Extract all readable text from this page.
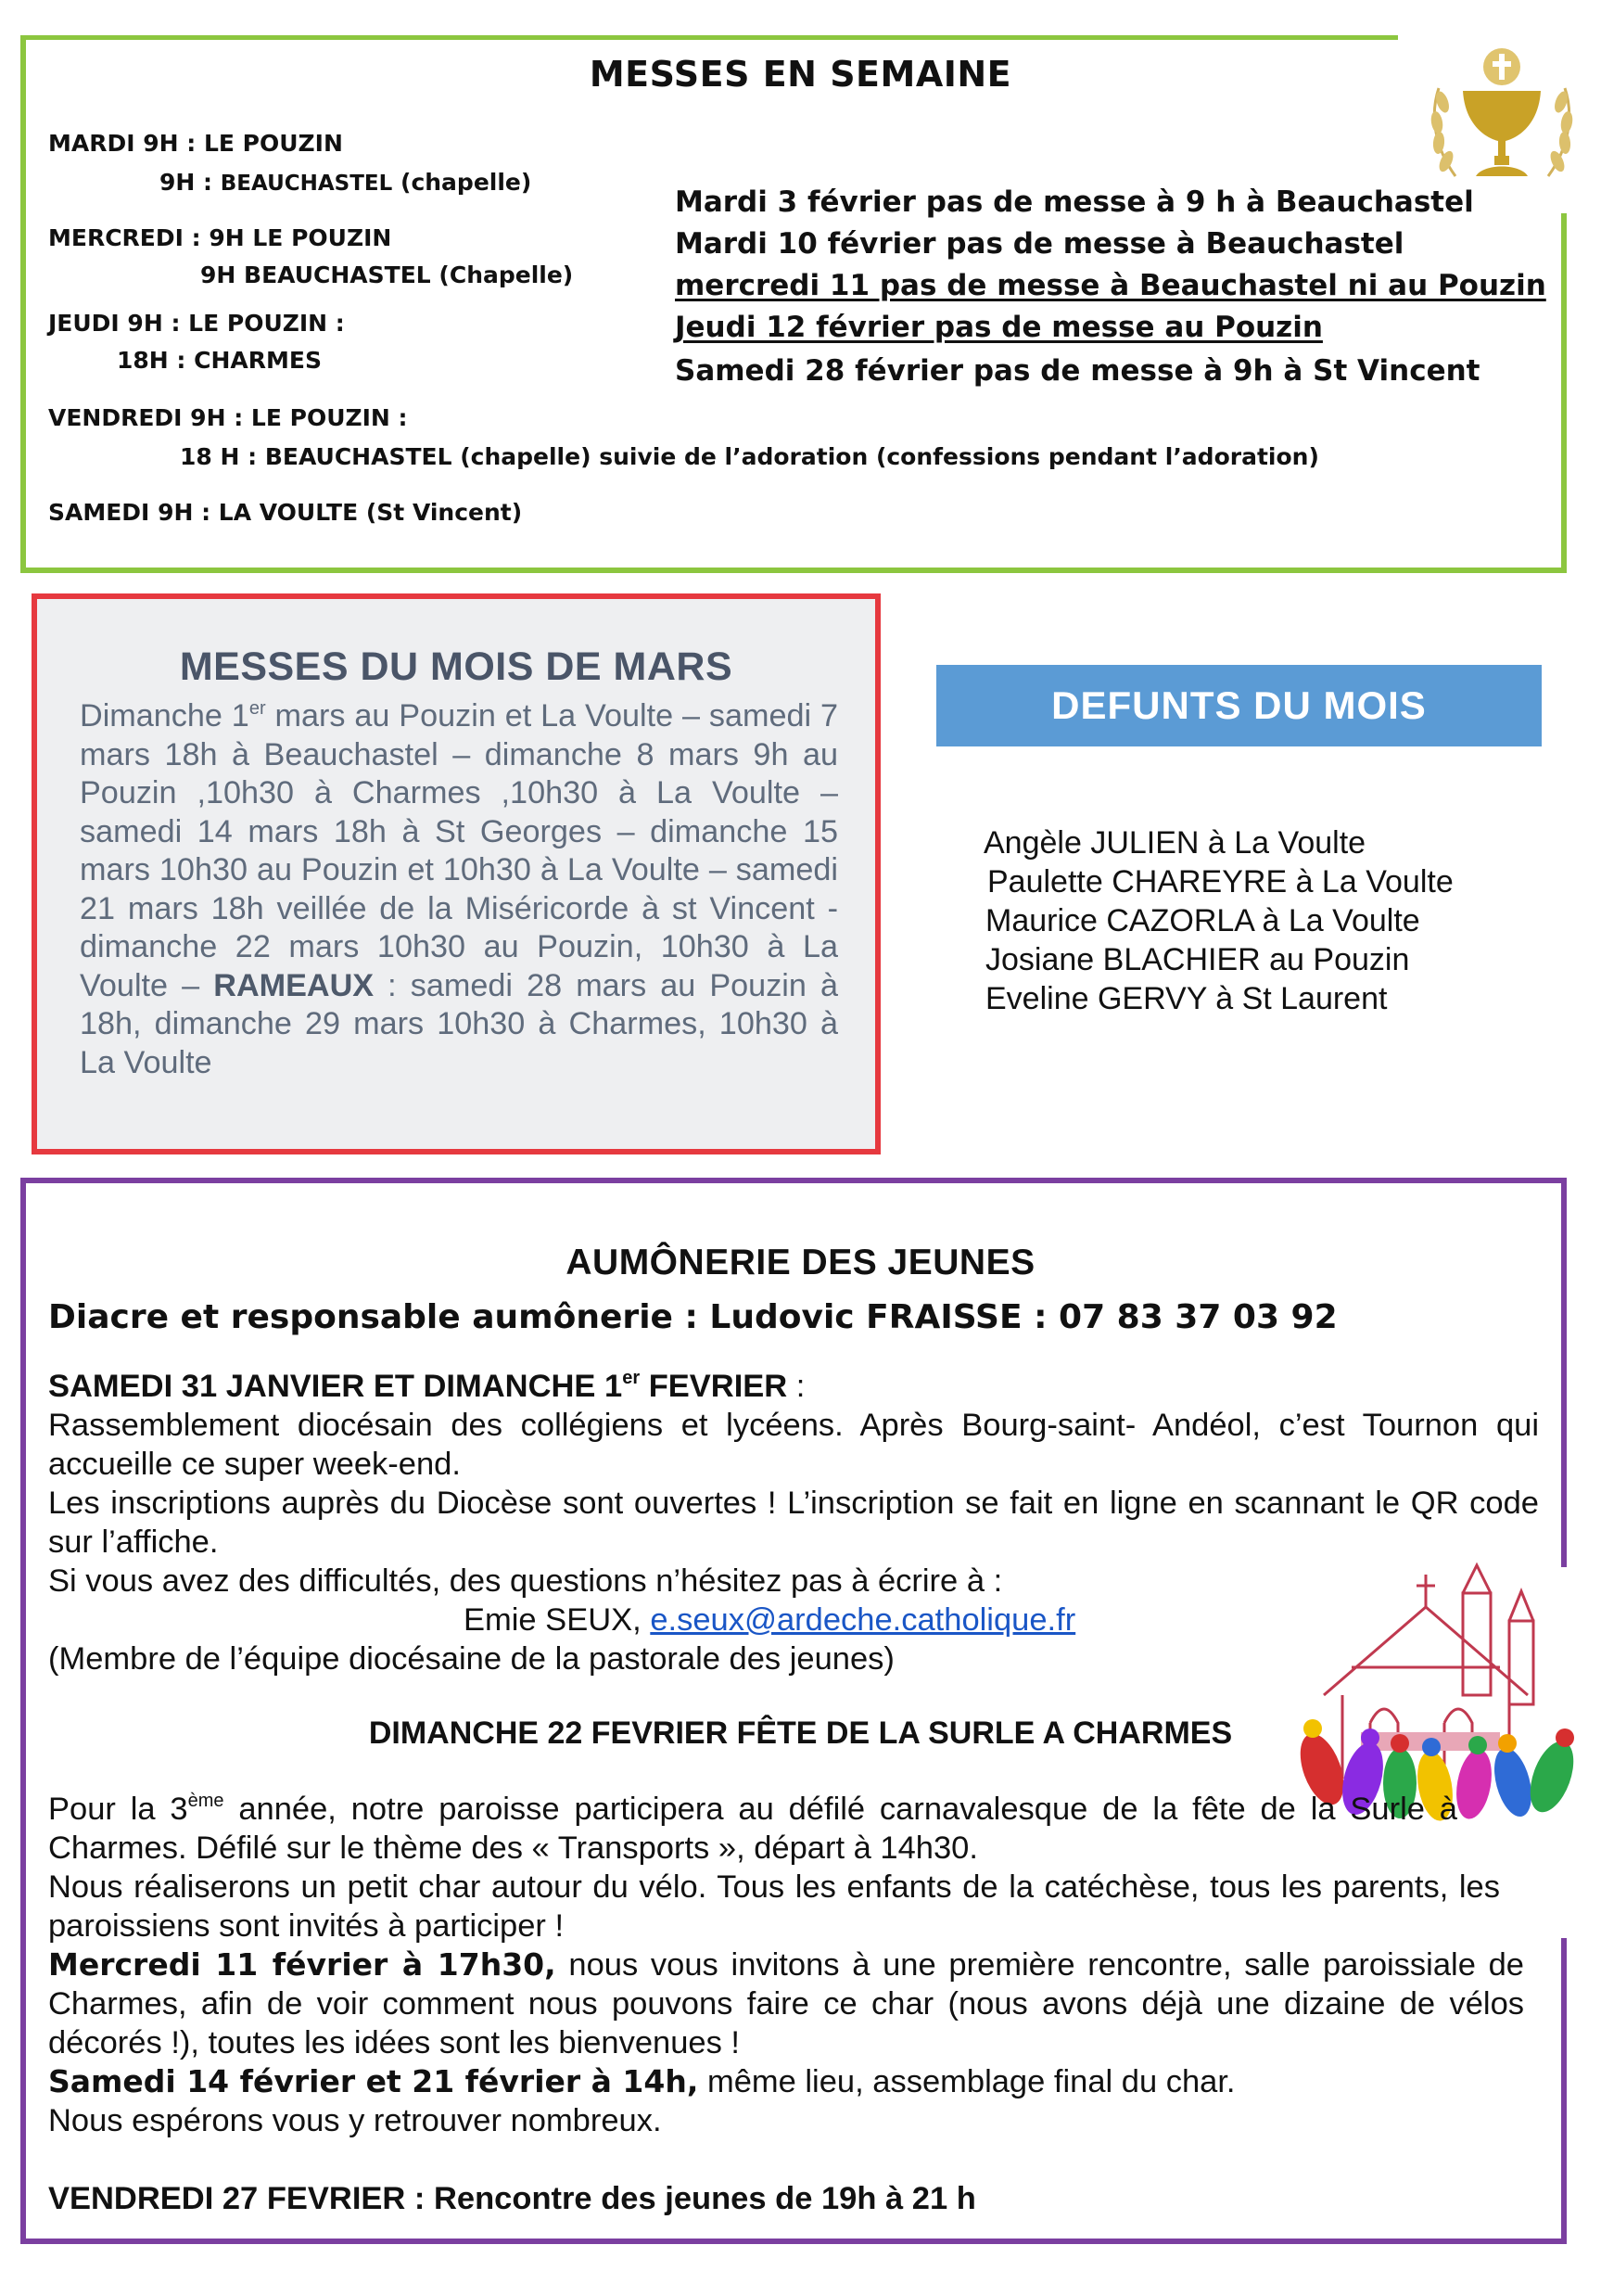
MESSES EN SEMAINE
MARDI 9H : LE POUZIN
9H : BEAUCHASTEL (chapelle)
MERCREDI : 9H LE POUZIN
9H BEAUCHASTEL (Chapelle)
JEUDI 9H : LE POUZIN :
18H : CHARMES
VENDREDI 9H : LE POUZIN :
18 H : BEAUCHASTEL (chapelle) suivie de l’adoration (confessions pendant l’adoration)
SAMEDI 9H : LA VOULTE (St Vincent)
Mardi 3 février pas de messe à 9 h à Beauchastel
Mardi 10 février pas de messe à Beauchastel
mercredi 11 pas de messe à Beauchastel ni au Pouzin
Jeudi 12 février pas de messe au Pouzin
Samedi 28 février pas de messe à 9h à St Vincent
MESSES DU MOIS DE MARS
Dimanche 1er mars au Pouzin et La Voulte – samedi 7 mars 18h à Beauchastel – dimanche 8 mars 9h au Pouzin ,10h30 à Charmes ,10h30 à La Voulte – samedi 14 mars 18h à St Georges – dimanche 15 mars 10h30 au Pouzin et 10h30 à La Voulte – samedi 21 mars 18h veillée de la Miséricorde à st Vincent - dimanche 22 mars 10h30 au Pouzin, 10h30 à La Voulte – RAMEAUX : samedi 28 mars au Pouzin à 18h, dimanche 29 mars 10h30 à Charmes, 10h30 à La Voulte
DEFUNTS DU MOIS
Angèle JULIEN à La Voulte
Paulette CHAREYRE à La Voulte
Maurice CAZORLA à La Voulte
Josiane BLACHIER au Pouzin
Eveline GERVY à St Laurent
AUMÔNERIE DES JEUNES
Diacre et responsable aumônerie : Ludovic FRAISSE : 07 83 37 03 92
SAMEDI 31 JANVIER ET DIMANCHE 1er FEVRIER :
Rassemblement diocésain des collégiens et lycéens. Après Bourg-saint- Andéol, c’est Tournon qui accueille ce super week-end.
Les inscriptions auprès du Diocèse sont ouvertes ! L’inscription se fait en ligne en scannant le QR code sur l’affiche.
Si vous avez des difficultés, des questions n’hésitez pas à écrire à :
Emie SEUX, e.seux@ardeche.catholique.fr
(Membre de l’équipe diocésaine de la pastorale des jeunes)
DIMANCHE 22 FEVRIER FÊTE DE LA SURLE A CHARMES
Pour la 3ème année, notre paroisse participera au défilé carnavalesque de la fête de la Surle à Charmes. Défilé sur le thème des « Transports », départ à 14h30.
Nous réaliserons un petit char autour du vélo. Tous les enfants de la catéchèse, tous les parents, les paroissiens sont invités à participer !
Mercredi 11 février à 17h30, nous vous invitons à une première rencontre, salle paroissiale de Charmes, afin de voir comment nous pouvons faire ce char (nous avons déjà une dizaine de vélos décorés !), toutes les idées sont les bienvenues !
Samedi 14 février et 21 février à 14h, même lieu, assemblage final du char.
Nous espérons vous y retrouver nombreux.
VENDREDI 27 FEVRIER : Rencontre des jeunes de 19h à 21 h
